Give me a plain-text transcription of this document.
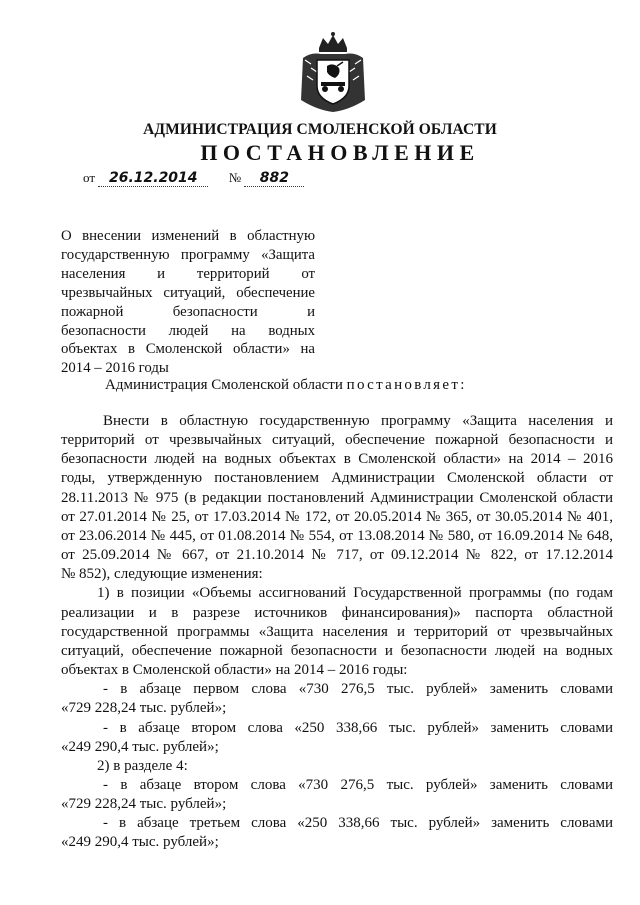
АДМИНИСТРАЦИЯ СМОЛЕНСКОЙ ОБЛАСТИ
ПОСТАНОВЛЕНИЕ
от 26.12.2014 № 882
О внесении изменений в областную
государственную программу «Защита
населения и территорий от
чрезвычайных ситуаций, обеспечение
пожарной безопасности и
безопасности людей на водных
объектах в Смоленской области» на
2014 – 2016 годы
Администрация Смоленской области постановляет:
Внести в областную государственную программу «Защита населения и
территорий от чрезвычайных ситуаций, обеспечение пожарной безопасности и
безопасности людей на водных объектах в Смоленской области» на 2014 – 2016
годы, утвержденную постановлением Администрации Смоленской области от
28.11.2013 № 975 (в редакции постановлений Администрации Смоленской области
от 27.01.2014 № 25, от 17.03.2014 № 172, от 20.05.2014 № 365, от 30.05.2014 № 401,
от 23.06.2014 № 445, от 01.08.2014 № 554, от 13.08.2014 № 580, от 16.09.2014 № 648,
от 25.09.2014 № 667, от 21.10.2014 № 717, от 09.12.2014 № 822, от 17.12.2014
№ 852), следующие изменения:
1) в позиции «Объемы ассигнований Государственной программы (по годам
реализации и в разрезе источников финансирования)» паспорта областной
государственной программы «Защита населения и территорий от чрезвычайных
ситуаций, обеспечение пожарной безопасности и безопасности людей на водных
объектах в Смоленской области» на 2014 – 2016 годы:
- в абзаце первом слова «730 276,5 тыс. рублей» заменить словами
«729 228,24 тыс. рублей»;
- в абзаце втором слова «250 338,66 тыс. рублей» заменить словами
«249 290,4 тыс. рублей»;
2) в разделе 4:
- в абзаце втором слова «730 276,5 тыс. рублей» заменить словами
«729 228,24 тыс. рублей»;
- в абзаце третьем слова «250 338,66 тыс. рублей» заменить словами
«249 290,4 тыс. рублей»;
